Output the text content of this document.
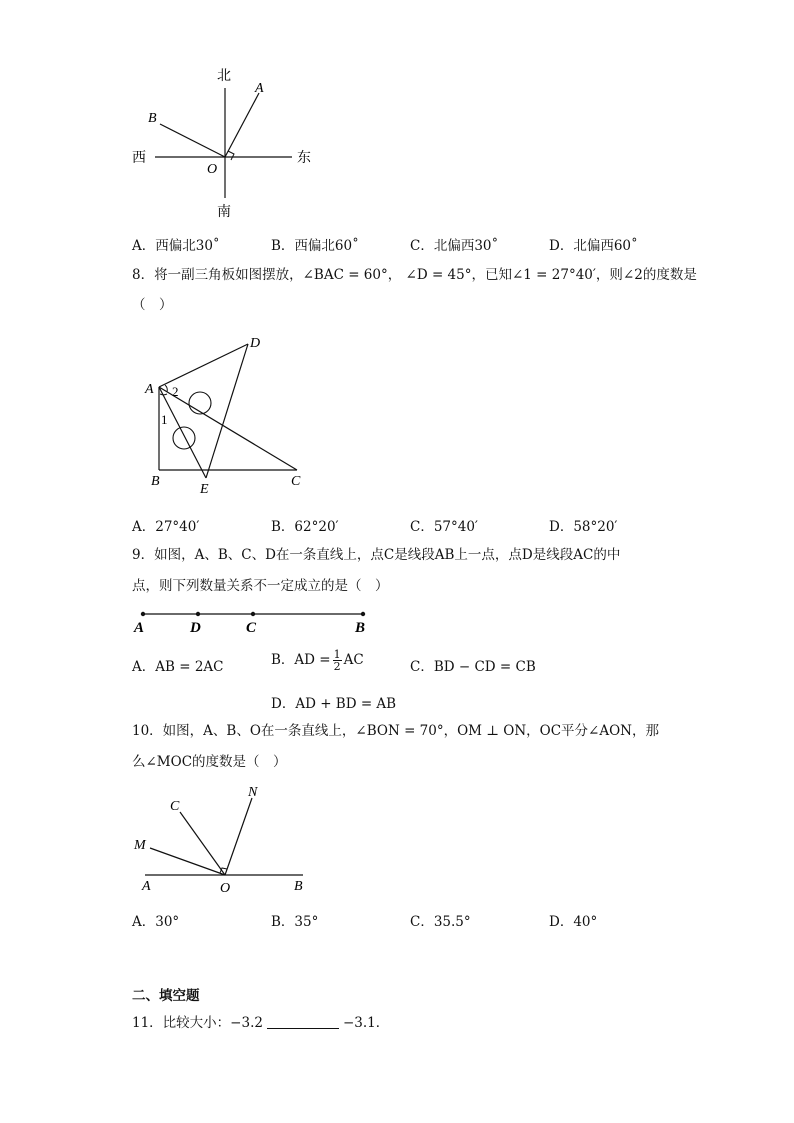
北
南
西	东
A
B
O
A．西偏北30˚	B．西偏北60˚	C．北偏西30˚	D．北偏西60˚
8．将一副三角板如图摆放，∠BAC = 60°， ∠D = 45°，已知∠1 = 27°40′，则∠2的度数是
（　）
A
D
B
E
C
2
1
A．27°40′	B．62°20′	C．57°40′	D．58°20′
9．如图，A、B、C、D在一条直线上，点C是线段AB上一点，点D是线段AC的中
点，则下列数量关系不一定成立的是（　）
A	D	C	B
A．AB = 2AC	B．AD = $\frac{1}{2}$ AC	C．BD − CD = CB
D．AD + BD = AB
10．如图，A、B、O在一条直线上，∠BON = 70°，OM ⊥ ON，OC平分∠AON，那
么∠MOC的度数是（　）
N
C
M
A	O	B
A．30°	B．35°	C．35.5°	D．40°
二、填空题
11．比较大小：−3.2	−3.1．
